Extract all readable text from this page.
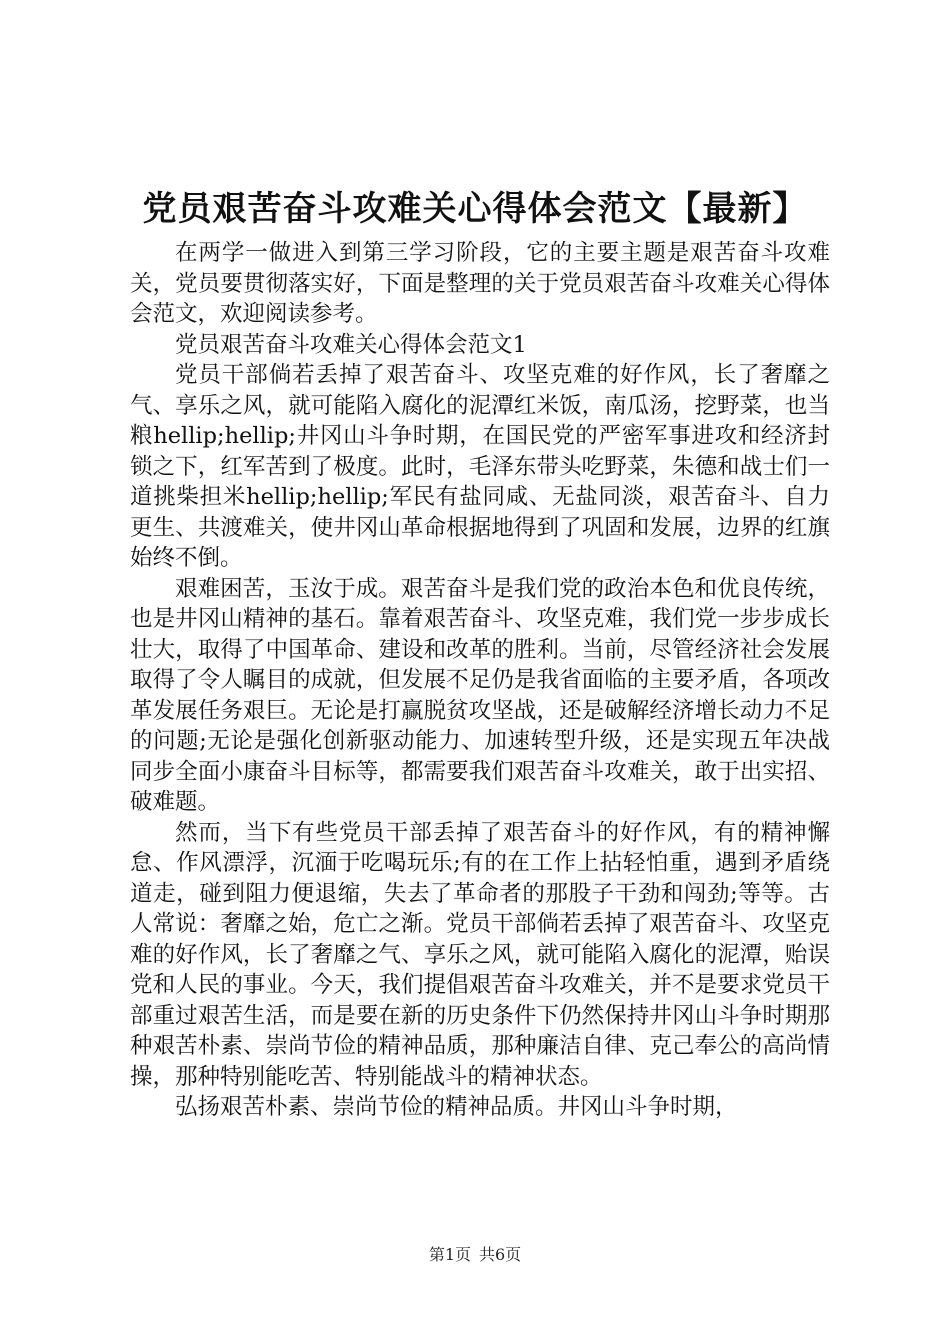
党员艰苦奋斗攻难关心得体会范文【最新】

在两学一做进入到第三学习阶段，它的主要主题是艰苦奋斗攻难关，党员要贯彻落实好，下面是整理的关于党员艰苦奋斗攻难关心得体会范文，欢迎阅读参考。

党员艰苦奋斗攻难关心得体会范文1

党员干部倘若丢掉了艰苦奋斗、攻坚克难的好作风，长了奢靡之气、享乐之风，就可能陷入腐化的泥潭红米饭，南瓜汤，挖野菜，也当粮hellip;hellip;井冈山斗争时期，在国民党的严密军事进攻和经济封锁之下，红军苦到了极度。此时，毛泽东带头吃野菜，朱德和战士们一道挑柴担米hellip;hellip;军民有盐同咸、无盐同淡，艰苦奋斗、自力更生、共渡难关，使井冈山革命根据地得到了巩固和发展，边界的红旗始终不倒。

艰难困苦，玉汝于成。艰苦奋斗是我们党的政治本色和优良传统，也是井冈山精神的基石。靠着艰苦奋斗、攻坚克难，我们党一步步成长壮大，取得了中国革命、建设和改革的胜利。当前，尽管经济社会发展取得了令人瞩目的成就，但发展不足仍是我省面临的主要矛盾，各项改革发展任务艰巨。无论是打赢脱贫攻坚战，还是破解经济增长动力不足的问题;无论是强化创新驱动能力、加速转型升级，还是实现五年决战同步全面小康奋斗目标等，都需要我们艰苦奋斗攻难关，敢于出实招、破难题。

然而，当下有些党员干部丢掉了艰苦奋斗的好作风，有的精神懈怠、作风漂浮，沉湎于吃喝玩乐;有的在工作上拈轻怕重，遇到矛盾绕道走，碰到阻力便退缩，失去了革命者的那股子干劲和闯劲;等等。古人常说：奢靡之始，危亡之渐。党员干部倘若丢掉了艰苦奋斗、攻坚克难的好作风，长了奢靡之气、享乐之风，就可能陷入腐化的泥潭，贻误党和人民的事业。今天，我们提倡艰苦奋斗攻难关，并不是要求党员干部重过艰苦生活，而是要在新的历史条件下仍然保持井冈山斗争时期那种艰苦朴素、崇尚节俭的精神品质，那种廉洁自律、克己奉公的高尚情操，那种特别能吃苦、特别能战斗的精神状态。

弘扬艰苦朴素、崇尚节俭的精神品质。井冈山斗争时期，

第1页 共6页
